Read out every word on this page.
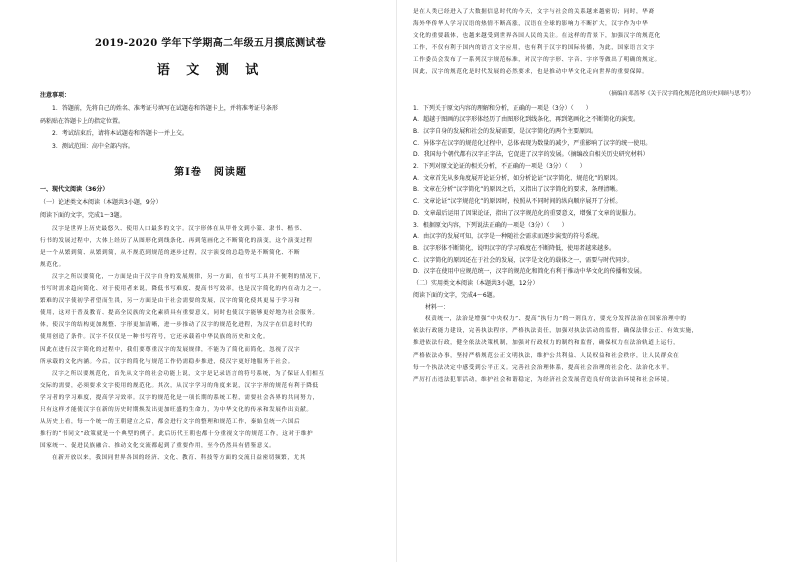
2019-2020 学年下学期高二年级五月摸底测试卷
语 文 测 试
注意事项：

1．答题前，先将自己的姓名、准考证号填写在试题卷和答题卡上，并将准考证号条形

码粘贴在答题卡上的指定位置。

2．考试结束后，请将本试题卷和答题卡一并上交。

3．测试范围：高中全部内容。

第Ⅰ卷 阅读题
一、现代文阅读（36分）

（一）论述类文本阅读（本题共3小题，9分）

阅读下面的文字，完成1～3题。

汉字是世界上历史最悠久、使用人口最多的文字。汉字形体在从甲骨文到小篆、隶书、楷书、

行书的发展过程中，大体上经历了从图形化到线条化、再到笔画化之不断简化的演变，这个演变过程

是一个从繁到简、从繁到简，从不规范到规范的逐步过程，汉字演变的总趋势是不断简化、不断

规范化。

汉字之所以要简化，一方面是由于汉字自身的发展规律，另一方面，在书写工具并不便利的情况下，

书写时需求趋向简化、对于使用者来说，降低书写难度、提高书写效率，也是汉字简化的内在动力之一。

繁难的汉字使初学者望而生畏，另一方面是由于社会需要的发展，汉字的简化使其更易于学习和

使用，这对于普及教育、提高全民族的文化素质具有重要意义，同时也使汉字能够更好地为社会服务。

体，使汉字的结构更加规整、字形更加清晰，进一步推动了汉字的规范化进程，为汉字在信息时代的

使用创造了条件。汉字不仅仅是一种书写符号，它还承载着中华民族的历史和文化。

因此在进行汉字简化的过程中，我们要尊重汉字的发展规律，不能为了简化而简化，忽视了汉字

所承载的文化内涵。今后，汉字的简化与规范工作仍需稳步推进，使汉字更好地服务于社会。

汉字之所以要规范化，首先从文字的社会功能上说，文字是记录语言的符号系统，为了保证人们相互

交际的需要，必须要求文字使用的规范化。其次，从汉字学习的角度来说，汉字字形的规范有利于降低

学习者的学习难度，提高学习效率。汉字的规范化是一项长期的系统工程，需要社会各界的共同努力，

只有这样才能使汉字在新的历史时期焕发出更加旺盛的生命力，为中华文化的传承和发展作出贡献。

从历史上看，每一个统一的王朝建立之后，都会进行文字的整理和规范工作，秦始皇统一六国后

推行的“书同文”政策就是一个典型的例子。此后历代王朝也都十分重视文字的规范工作，这对于维护

国家统一、促进民族融合、推动文化交流都起到了重要作用，至今仍然具有借鉴意义。

在新开放以来，我国同世界各国的经济、文化、教育、科技等方面的交流日益密切频繁，尤其

是在人类已经进入了大数据信息时代的今天，文字与社会的关系越来越密切；同时，华裔

海外华侨华人学习汉语的热情不断高涨，汉语在全球的影响力不断扩大，汉字作为中华

文化的重要载体，也越来越受到世界各国人民的关注。在这样的背景下，加强汉字的规范化

工作，不仅有利于国内的语言文字应用，也有利于汉字的国际传播，为此，国家语言文字

工作委员会发布了一系列汉字规范标准，对汉字的字形、字音、字序等做出了明确的规定。

因此，汉字的规范化是时代发展的必然要求，也是推动中华文化走向世界的重要保障。

（摘编自邓蔷琴《关于汉字简化规范化的历史回顾与思考》）

1．下列关于原文内容的理解和分析，正确的一项是（3分）（　　）

A．超越于图画的汉字形体经历了由图形化到线条化，再到笔画化之不断简化的演变。

B．汉字自身的发展和社会的发展需要，是汉字简化的两个主要原因。

C．异体字在汉字的规范化过程中，总体表现为数量的减少，严重影响了汉字的统一使用。

D．我国每个朝代都有汉字正字法，它促进了汉字的发展。（摘编改自相关历史研究材料）

2．下列对原文论证的相关分析，不正确的一项是（3分）（　　）

A．文章首先从多角度展开论证分析，如分析论证“汉字简化、规范化”的原因。

B．文章在分析“汉字简化”的原因之后，又指出了汉字简化的要求，条理清晰。

C．文章论证“汉字规范化”的原因时，按照从不同时间的纵向顺序展开了分析。

D．文章最后运用了因果论证，指出了汉字规范化的重要意义，增强了文章的说服力。

3．根据原文内容，下列说法正确的一项是（3分）（　　）

A．由汉字的发展可知，汉字是一种随社会需求而逐步演变的符号系统。

B．汉字形体不断简化，说明汉字的学习难度在不断降低，使用者越来越多。

C．汉字简化的原因还在于社会的发展，汉字是文化的载体之一，需要与时代同步。

D．汉字在使用中应规范统一，汉字的规范化和简化有利于推动中华文化的传播和发展。

（二）实用类文本阅读（本题共3小题，12分）

阅读下面的文字，完成4～6题。

材料一：

权责统一，法治是增强“中央权力”、提高“执行力”的一剂良方，要充分发挥法治在国家治理中的

依法行政能力建设，完善执法程序，严格执法责任，加强对执法活动的监督，确保法律公正、有效实施，

推进依法行政，健全依法决策机制，加强对行政权力的制约和监督，确保权力在法治轨道上运行，

严格依法办事，坚持严格规范公正文明执法，维护公共利益、人民权益和社会秩序，让人民群众在

每一个执法决定中感受到公平正义。完善社会治理体系，提高社会治理的社会化、法治化水平，

严厉打击违法犯罪活动，维护社会和谐稳定，为经济社会发展营造良好的法治环境和社会环境。
